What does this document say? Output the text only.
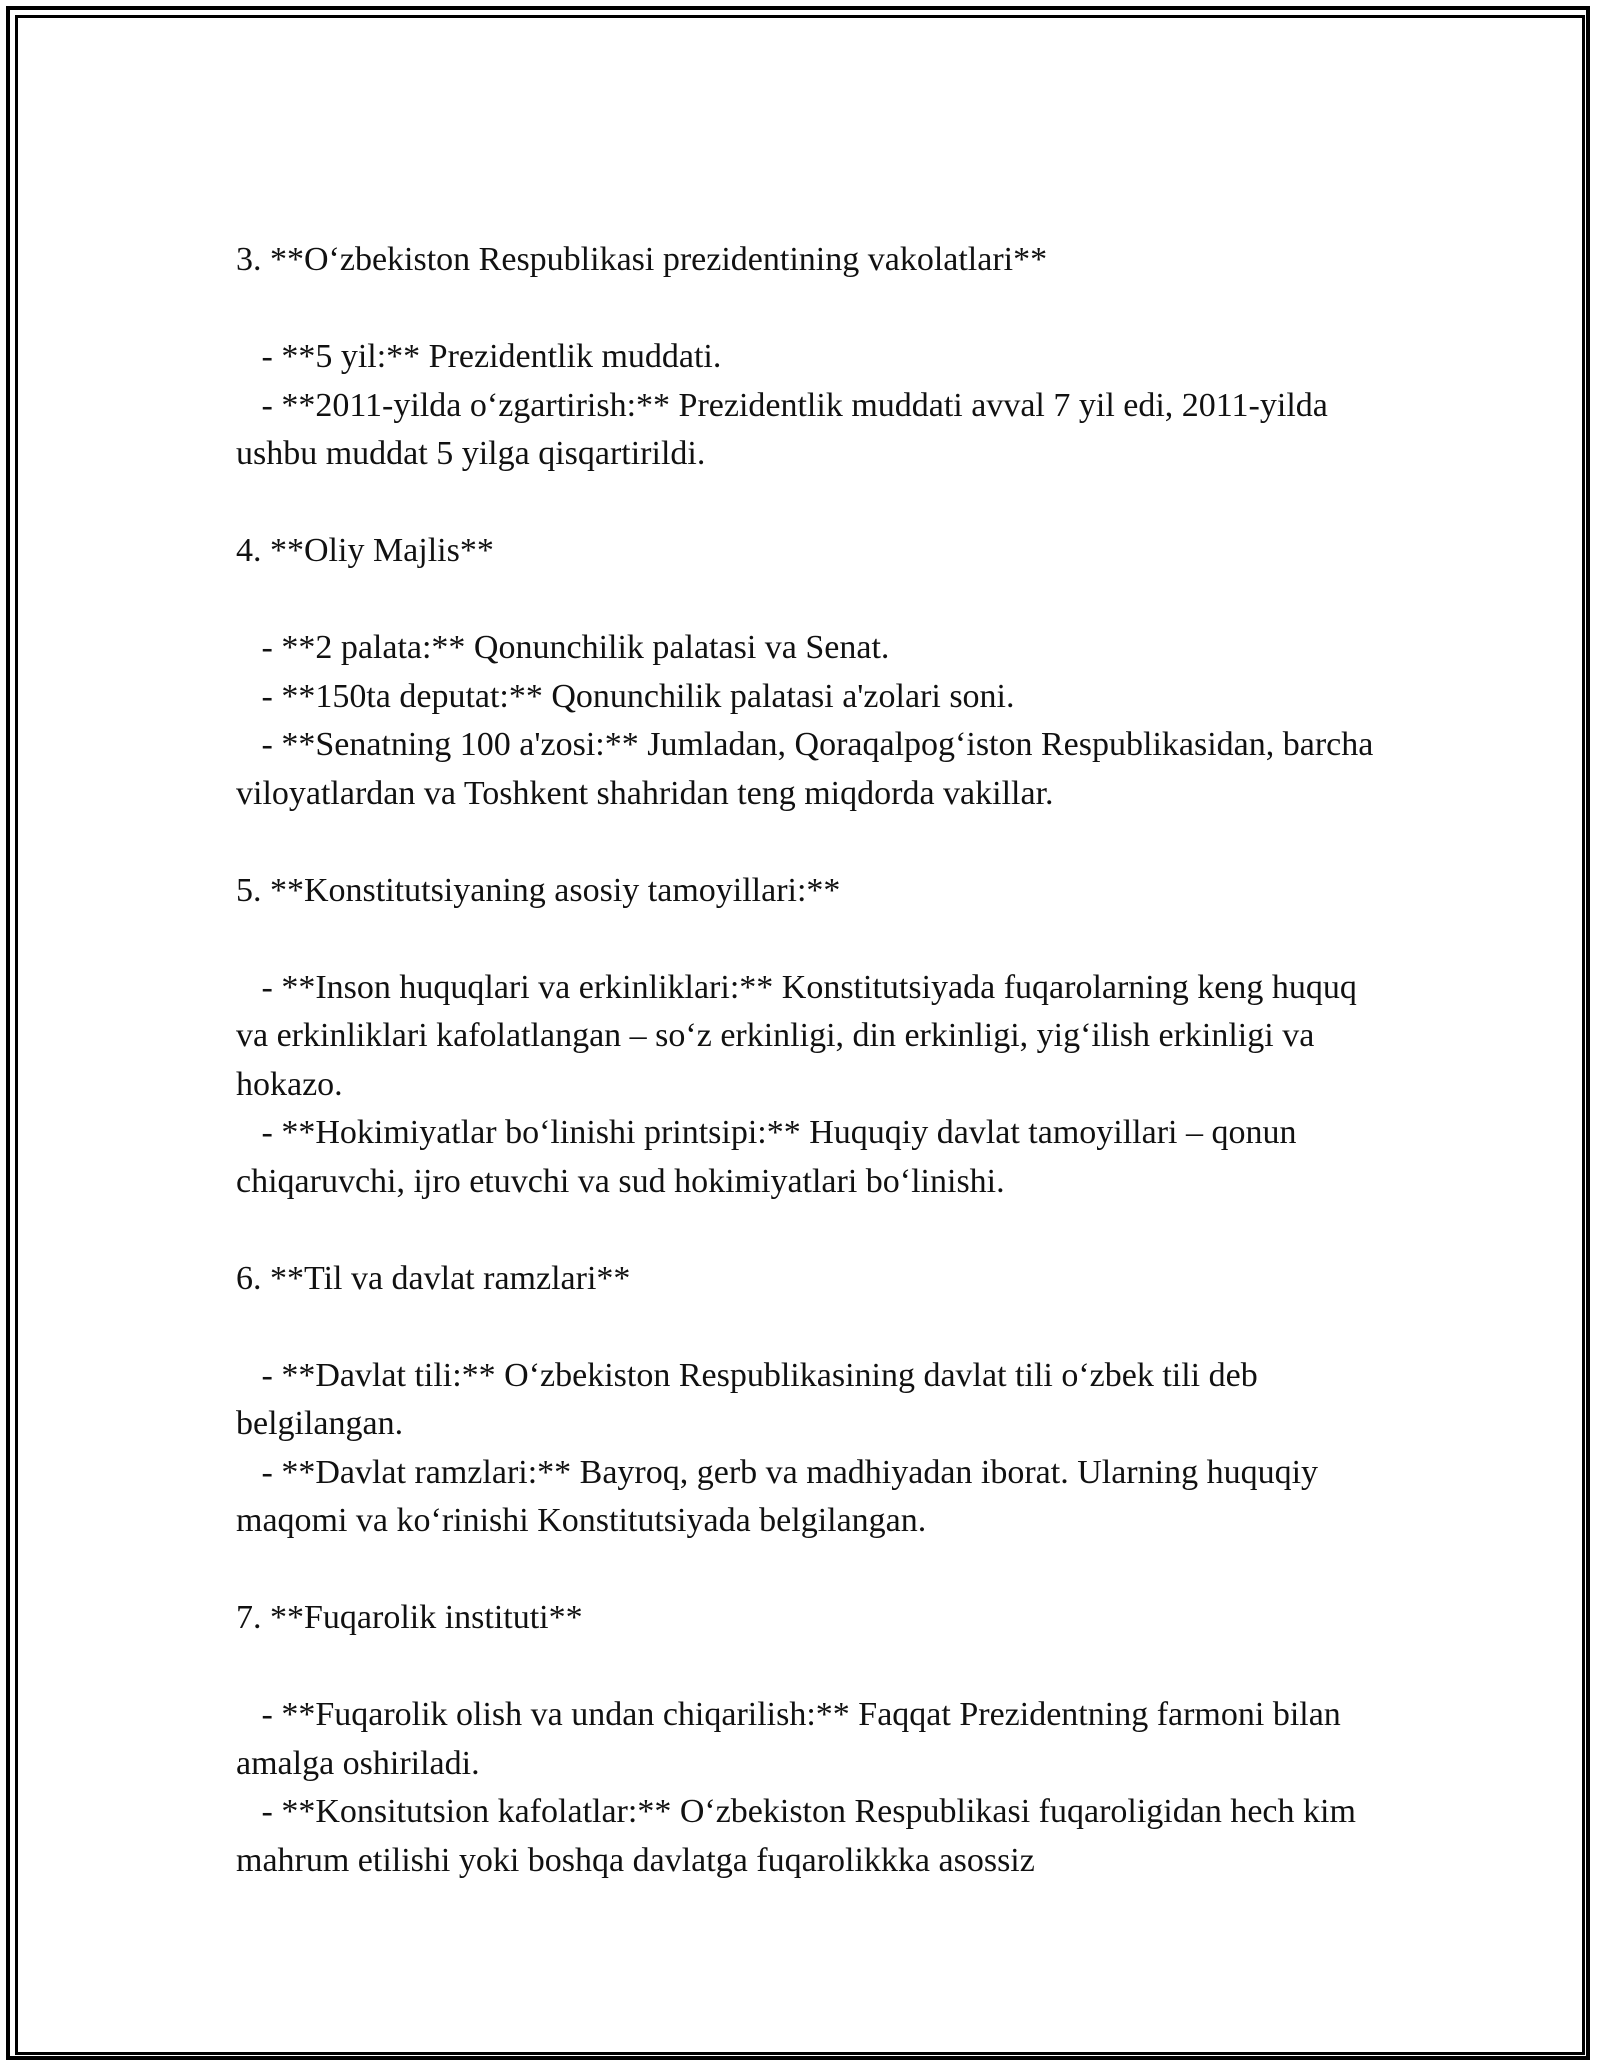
3. **Oʻzbekiston Respublikasi prezidentining vakolatlari**

- **5 yil:** Prezidentlik muddati.

- **2011-yilda oʻzgartirish:** Prezidentlik muddati avval 7 yil edi, 2011-yilda ushbu muddat 5 yilga qisqartirildi.

4. **Oliy Majlis**

- **2 palata:** Qonunchilik palatasi va Senat.

- **150ta deputat:** Qonunchilik palatasi a'zolari soni.

- **Senatning 100 a'zosi:** Jumladan, Qoraqalpogʻiston Respublikasidan, barcha viloyatlardan va Toshkent shahridan teng miqdorda vakillar.

5. **Konstitutsiyaning asosiy tamoyillari:**

- **Inson huquqlari va erkinliklari:** Konstitutsiyada fuqarolarning keng huquq va erkinliklari kafolatlangan – soʻz erkinligi, din erkinligi, yigʻilish erkinligi va hokazo.

- **Hokimiyatlar boʻlinishi printsipi:** Huquqiy davlat tamoyillari – qonun chiqaruvchi, ijro etuvchi va sud hokimiyatlari boʻlinishi.

6. **Til va davlat ramzlari**

- **Davlat tili:** Oʻzbekiston Respublikasining davlat tili oʻzbek tili deb belgilangan.

- **Davlat ramzlari:** Bayroq, gerb va madhiyadan iborat. Ularning huquqiy maqomi va koʻrinishi Konstitutsiyada belgilangan.

7. **Fuqarolik instituti**

- **Fuqarolik olish va undan chiqarilish:** Faqqat Prezidentning farmoni bilan amalga oshiriladi.

- **Konsitutsion kafolatlar:** Oʻzbekiston Respublikasi fuqaroligidan hech kim mahrum etilishi yoki boshqa davlatga fuqarolikkka asossiz
